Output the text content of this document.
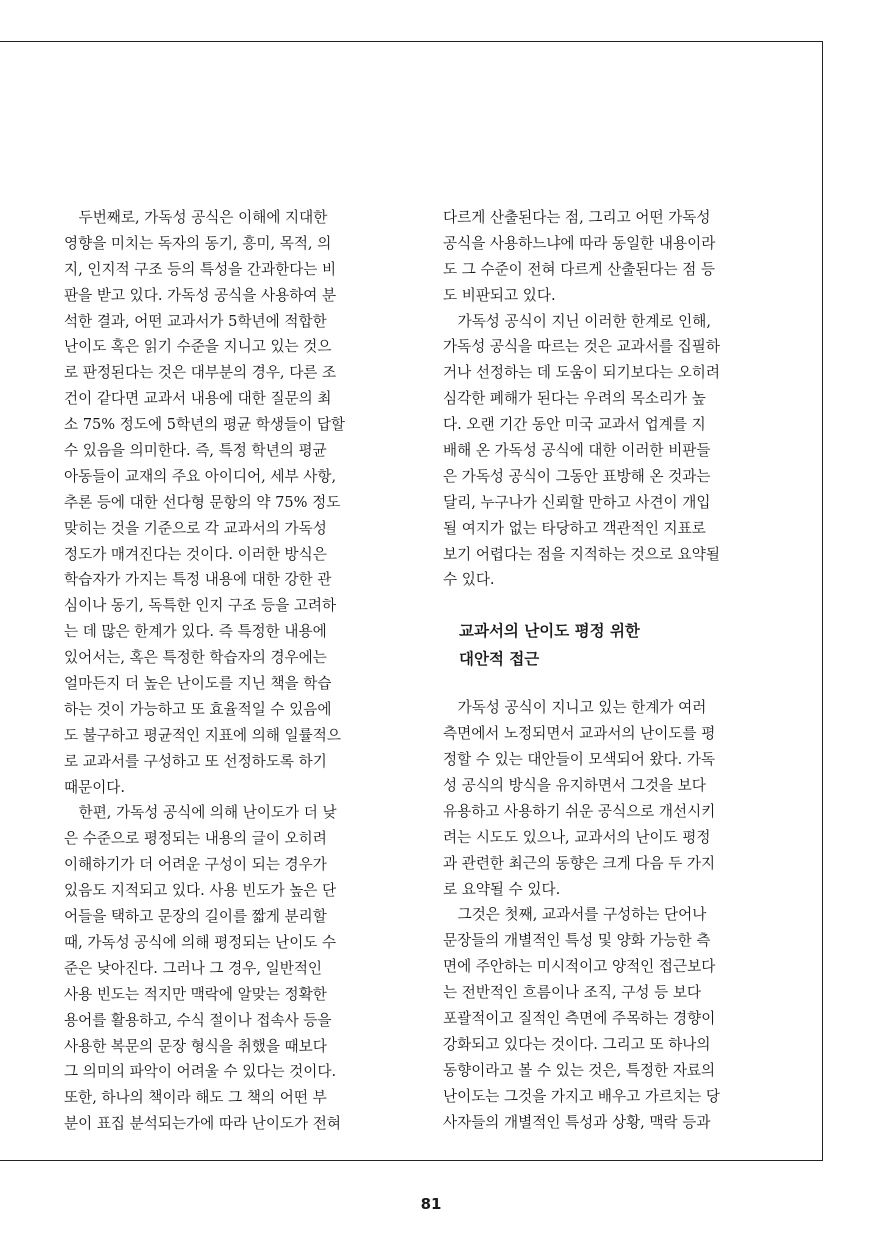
두번째로, 가독성 공식은 이해에 지대한
영향을 미치는 독자의 동기, 흥미, 목적, 의
지, 인지적 구조 등의 특성을 간과한다는 비
판을 받고 있다. 가독성 공식을 사용하여 분
석한 결과, 어떤 교과서가 5학년에 적합한
난이도 혹은 읽기 수준을 지니고 있는 것으
로 판정된다는 것은 대부분의 경우, 다른 조
건이 같다면 교과서 내용에 대한 질문의 최
소 75% 정도에 5학년의 평균 학생들이 답할
수 있음을 의미한다. 즉, 특정 학년의 평균
아동들이 교재의 주요 아이디어, 세부 사항,
추론 등에 대한 선다형 문항의 약 75% 정도
맞히는 것을 기준으로 각 교과서의 가독성
정도가 매겨진다는 것이다. 이러한 방식은
학습자가 가지는 특정 내용에 대한 강한 관
심이나 동기, 독특한 인지 구조 등을 고려하
는 데 많은 한계가 있다. 즉 특정한 내용에
있어서는, 혹은 특정한 학습자의 경우에는
얼마든지 더 높은 난이도를 지닌 책을 학습
하는 것이 가능하고 또 효율적일 수 있음에
도 불구하고 평균적인 지표에 의해 일률적으
로 교과서를 구성하고 또 선정하도록 하기
때문이다.
한편, 가독성 공식에 의해 난이도가 더 낮
은 수준으로 평정되는 내용의 글이 오히려
이해하기가 더 어려운 구성이 되는 경우가
있음도 지적되고 있다. 사용 빈도가 높은 단
어들을 택하고 문장의 길이를 짧게 분리할
때, 가독성 공식에 의해 평정되는 난이도 수
준은 낮아진다. 그러나 그 경우, 일반적인
사용 빈도는 적지만 맥락에 알맞는 정확한
용어를 활용하고, 수식 절이나 접속사 등을
사용한 복문의 문장 형식을 취했을 때보다
그 의미의 파악이 어려울 수 있다는 것이다.
또한, 하나의 책이라 해도 그 책의 어떤 부
분이 표집 분석되는가에 따라 난이도가 전혀
다르게 산출된다는 점, 그리고 어떤 가독성
공식을 사용하느냐에 따라 동일한 내용이라
도 그 수준이 전혀 다르게 산출된다는 점 등
도 비판되고 있다.
가독성 공식이 지닌 이러한 한계로 인해,
가독성 공식을 따르는 것은 교과서를 집필하
거나 선정하는 데 도움이 되기보다는 오히려
심각한 폐해가 된다는 우려의 목소리가 높
다. 오랜 기간 동안 미국 교과서 업계를 지
배해 온 가독성 공식에 대한 이러한 비판들
은 가독성 공식이 그동안 표방해 온 것과는
달리, 누구나가 신뢰할 만하고 사견이 개입
될 여지가 없는 타당하고 객관적인 지표로
보기 어렵다는 점을 지적하는 것으로 요약될
수 있다.
교과서의 난이도 평정 위한
대안적 접근
가독성 공식이 지니고 있는 한계가 여러
측면에서 노정되면서 교과서의 난이도를 평
정할 수 있는 대안들이 모색되어 왔다. 가독
성 공식의 방식을 유지하면서 그것을 보다
유용하고 사용하기 쉬운 공식으로 개선시키
려는 시도도 있으나, 교과서의 난이도 평정
과 관련한 최근의 동향은 크게 다음 두 가지
로 요약될 수 있다.
그것은 첫째, 교과서를 구성하는 단어나
문장들의 개별적인 특성 및 양화 가능한 측
면에 주안하는 미시적이고 양적인 접근보다
는 전반적인 흐름이나 조직, 구성 등 보다
포괄적이고 질적인 측면에 주목하는 경향이
강화되고 있다는 것이다. 그리고 또 하나의
동향이라고 볼 수 있는 것은, 특정한 자료의
난이도는 그것을 가지고 배우고 가르치는 당
사자들의 개별적인 특성과 상황, 맥락 등과
81
